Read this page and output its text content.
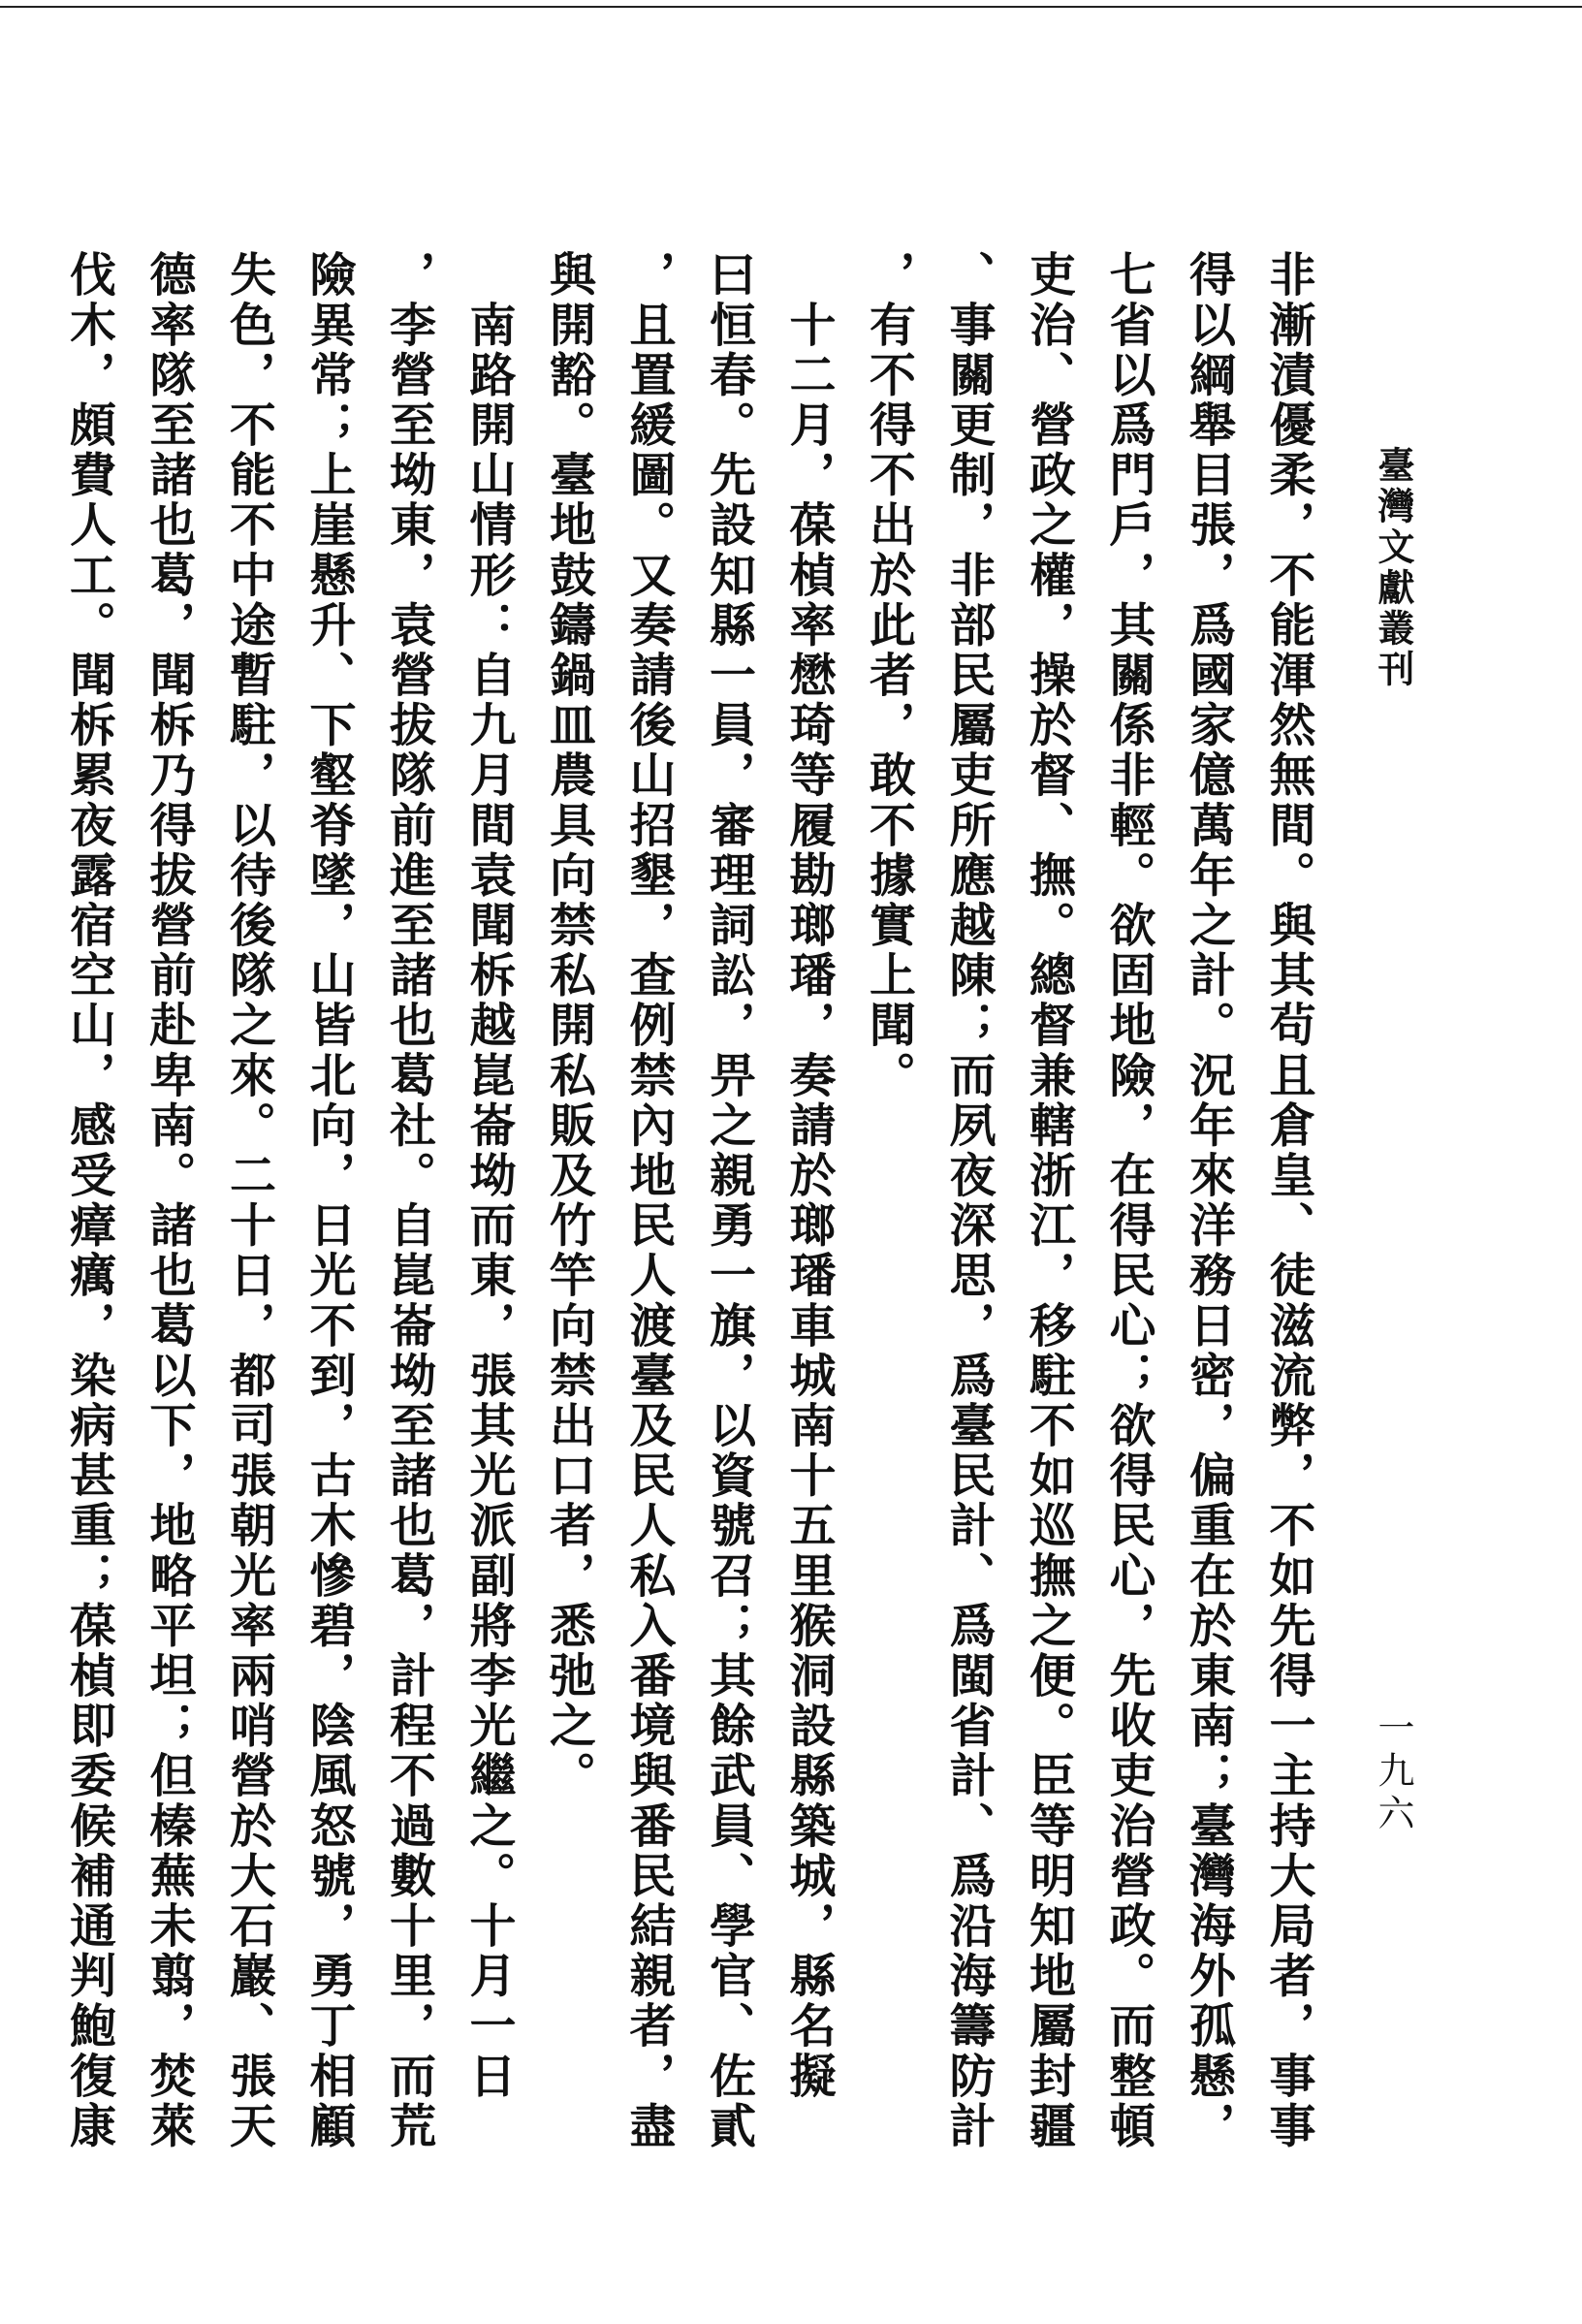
臺灣文獻叢刊
一九六
非漸漬優柔，不能渾然無間。與其茍且倉皇、徒滋流弊，不如先得一主持大局者，事事
得以綱舉目張，爲國家億萬年之計。況年來洋務日密，偏重在於東南；臺灣海外孤懸，
七省以爲門戶，其關係非輕。欲固地險，在得民心；欲得民心，先收吏治營政。而整頓
吏治、營政之權，操於督、撫。總督兼轄浙江，移駐不如巡撫之便。臣等明知地屬封疆
、事關更制，非部民屬吏所應越陳；而夙夜深思，爲臺民計、爲閩省計、爲沿海籌防計
，有不得不出於此者，敢不據實上聞。
　十二月，葆楨率懋琦等履勘瑯璠，奏請於瑯璠車城南十五里猴洞設縣築城，縣名擬
曰恒春。先設知縣一員，審理詞訟，畀之親勇一旗，以資號召；其餘武員、學官、佐貳
，且置緩圖。又奏請後山招墾，查例禁內地民人渡臺及民人私入番境與番民結親者，盡
與開豁。臺地鼓鑄鍋皿農具向禁私開私販及竹竿向禁出口者，悉弛之。
　南路開山情形：自九月間袁聞柝越崑崙坳而東，張其光派副將李光繼之。十月一日
，李營至坳東，袁營拔隊前進至諸也葛社。自崑崙坳至諸也葛，計程不過數十里，而荒
險異常；上崖懸升、下壑脊墜，山皆北向，日光不到，古木慘碧，陰風怒號，勇丁相顧
失色，不能不中途暫駐，以待後隊之來。二十日，都司張朝光率兩哨營於大石巖、張天
德率隊至諸也葛，聞柝乃得拔營前赴卑南。諸也葛以下，地略平坦；但榛蕪未翦，焚萊
伐木，頗費人工。聞柝累夜露宿空山，感受瘴癘，染病甚重；葆楨即委候補通判鮑復康
